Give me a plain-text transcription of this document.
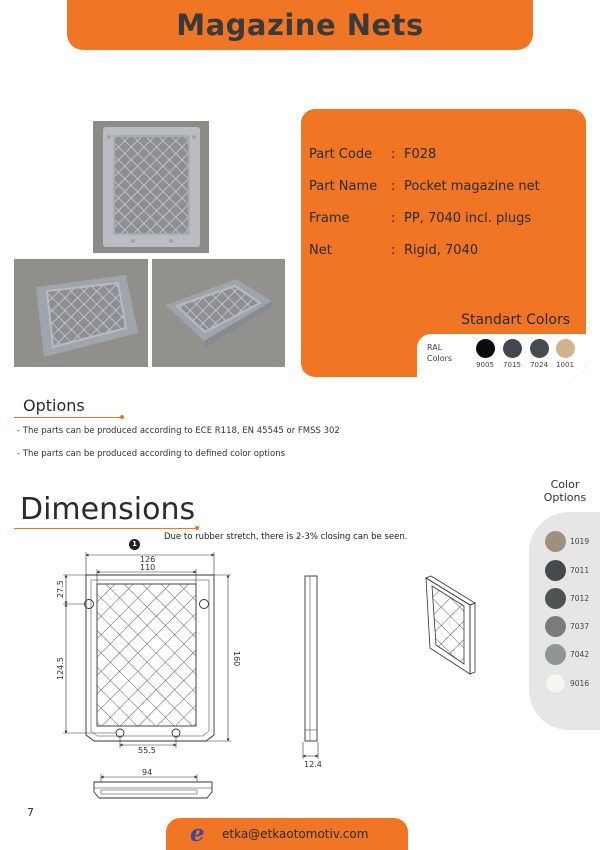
Magazine Nets
Part Code : F028
Part Name : Pocket magazine net
Frame	: PP, 7040 incl. plugs
Net	: Rigid, 7040
Standart Colors
RAL Colors
9005	7015	7024	1001
Options
- The parts can be produced according to ECE R118, EN 45545 or FMSS 302
- The parts can be produced according to defined color options
Dimensions
Color Options
1019
7011
7012
7037
7042
9016
1
Due to rubber stretch, there is 2-3% closing can be seen.
126
110
27.5
124.5	160
55.5
94
12.4
7
e etka@etkaotomotiv.com
